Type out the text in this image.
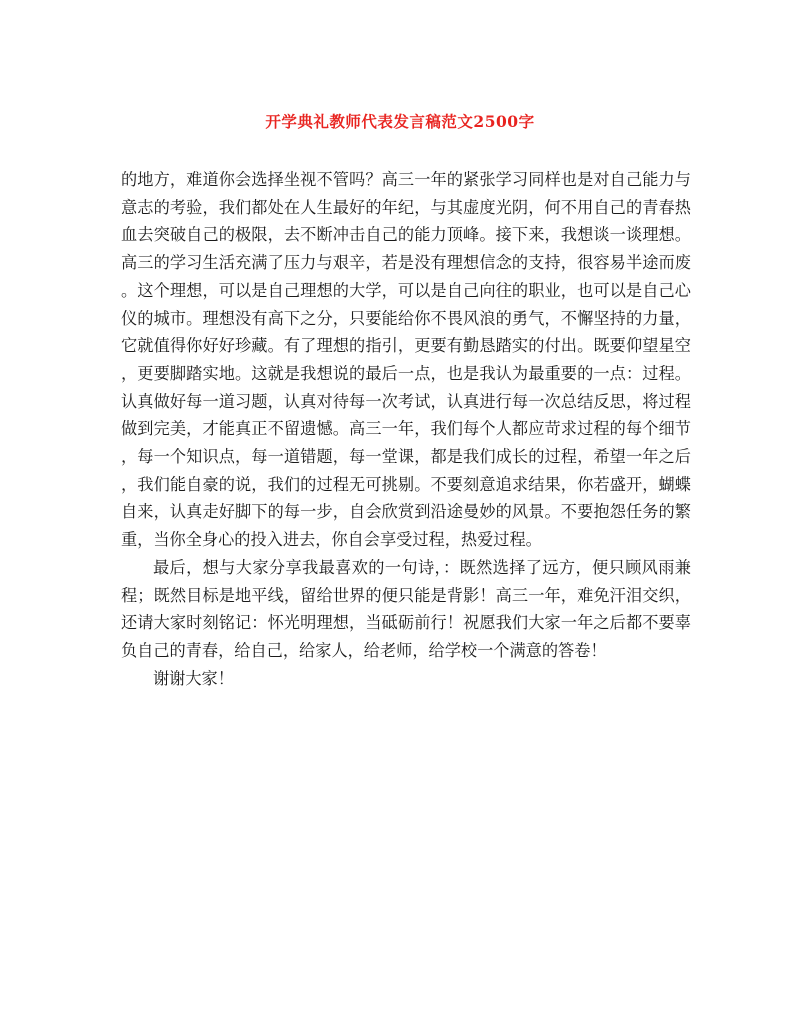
开学典礼教师代表发言稿范文2500字
的地方，难道你会选择坐视不管吗？高三一年的紧张学习同样也是对自己能力与
意志的考验，我们都处在人生最好的年纪，与其虚度光阴，何不用自己的青春热
血去突破自己的极限，去不断冲击自己的能力顶峰。接下来，我想谈一谈理想。
高三的学习生活充满了压力与艰辛，若是没有理想信念的支持，很容易半途而废
。这个理想，可以是自己理想的大学，可以是自己向往的职业，也可以是自己心
仪的城市。理想没有高下之分，只要能给你不畏风浪的勇气，不懈坚持的力量，
它就值得你好好珍藏。有了理想的指引，更要有勤恳踏实的付出。既要仰望星空
，更要脚踏实地。这就是我想说的最后一点，也是我认为最重要的一点：过程。
认真做好每一道习题，认真对待每一次考试，认真进行每一次总结反思，将过程
做到完美，才能真正不留遗憾。高三一年，我们每个人都应苛求过程的每个细节
，每一个知识点，每一道错题，每一堂课，都是我们成长的过程，希望一年之后
，我们能自豪的说，我们的过程无可挑剔。不要刻意追求结果，你若盛开，蝴蝶
自来，认真走好脚下的每一步，自会欣赏到沿途曼妙的风景。不要抱怨任务的繁
重，当你全身心的投入进去，你自会享受过程，热爱过程。
最后，想与大家分享我最喜欢的一句诗，：既然选择了远方，便只顾风雨兼
程；既然目标是地平线，留给世界的便只能是背影！高三一年，难免汗泪交织，
还请大家时刻铭记：怀光明理想，当砥砺前行！祝愿我们大家一年之后都不要辜
负自己的青春，给自己，给家人，给老师，给学校一个满意的答卷！
谢谢大家！
